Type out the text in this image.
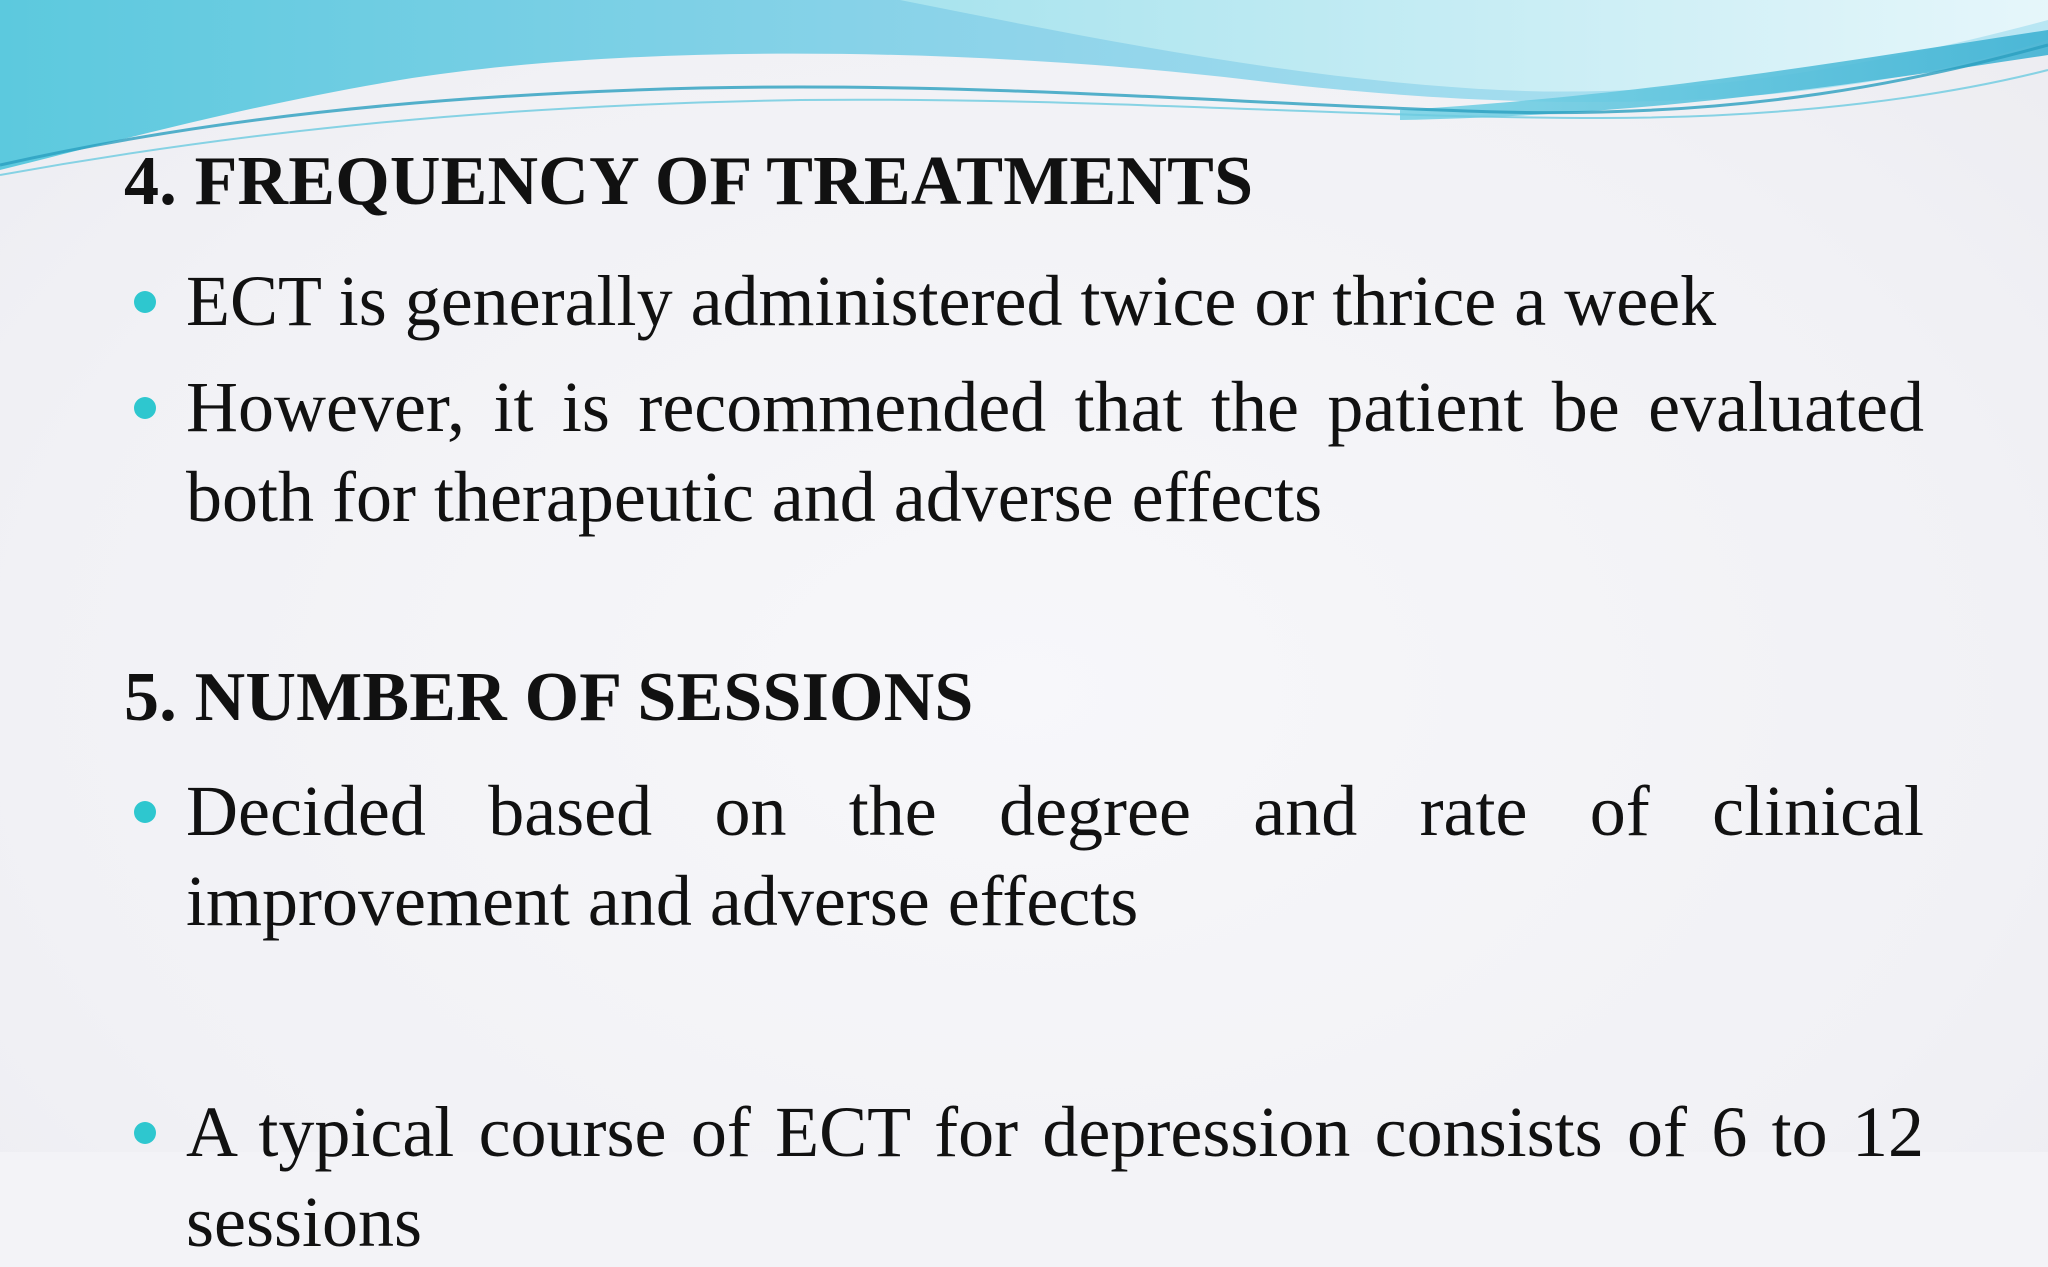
4. FREQUENCY OF TREATMENTS
ECT is generally administered twice or thrice a week
However, it is recommended that the patient be evaluated both for therapeutic and adverse effects
5. NUMBER OF SESSIONS
Decided based on the degree and rate of clinical improvement and adverse effects
A typical course of ECT for depression consists of 6 to 12 sessions
